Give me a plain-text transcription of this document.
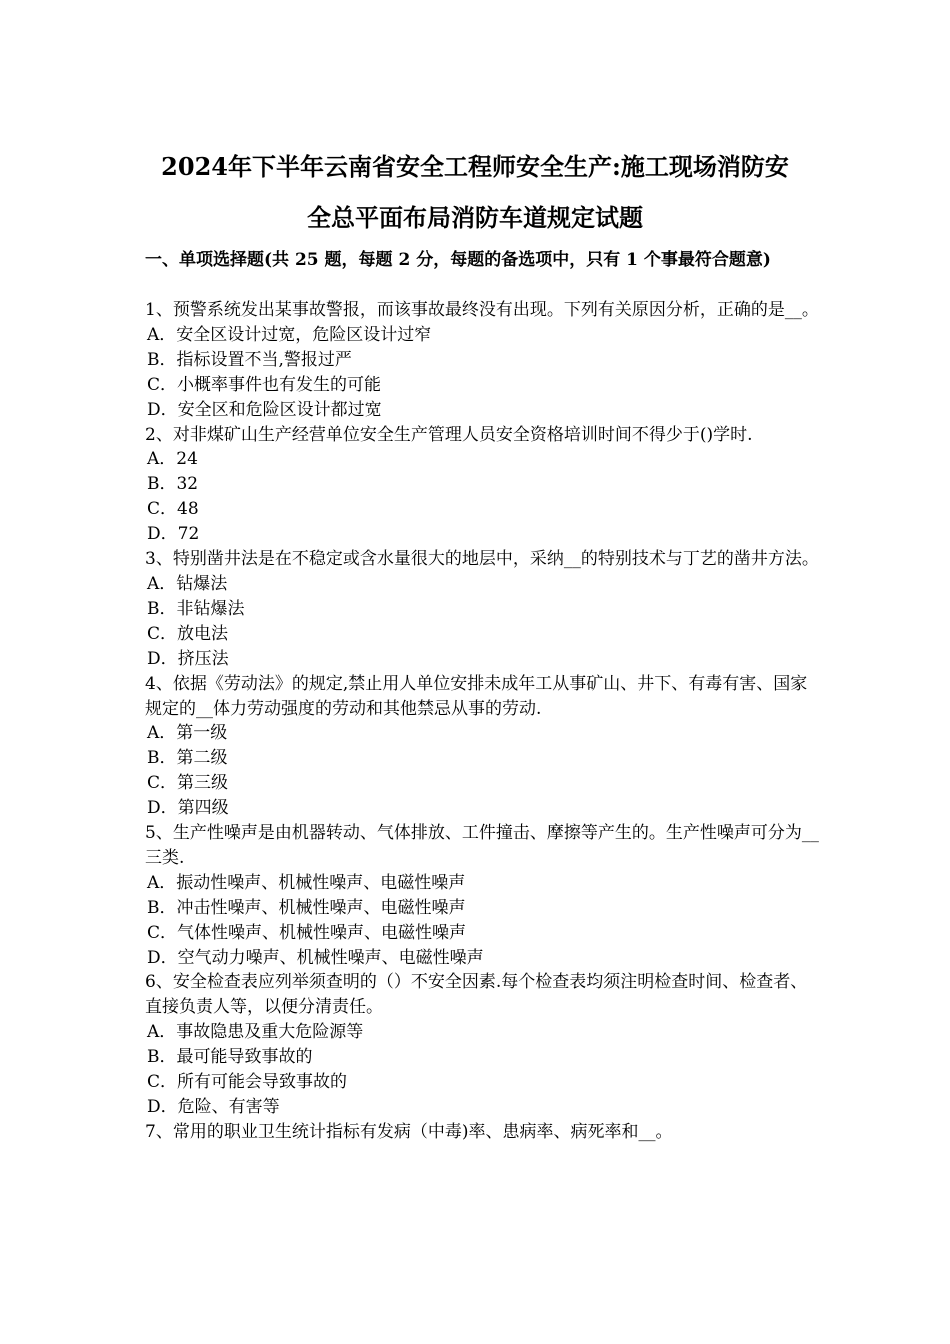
2024年下半年云南省安全工程师安全生产:施工现场消防安
全总平面布局消防车道规定试题
一、单项选择题(共 25 题，每题 2 分，每题的备选项中，只有 1 个事最符合题意)
1、预警系统发出某事故警报，而该事故最终没有出现。下列有关原因分析，正确的是__。
A．安全区设计过宽，危险区设计过窄
B．指标设置不当,警报过严
C．小概率事件也有发生的可能
D．安全区和危险区设计都过宽
2、对非煤矿山生产经营单位安全生产管理人员安全资格培训时间不得少于()学时.
A．24
B．32
C．48
D．72
3、特别凿井法是在不稳定或含水量很大的地层中，采纳__的特别技术与丁艺的凿井方法。
A．钻爆法
B．非钻爆法
C．放电法
D．挤压法
4、依据《劳动法》的规定,禁止用人单位安排未成年工从事矿山、井下、有毒有害、国家规定的__体力劳动强度的劳动和其他禁忌从事的劳动.
A．第一级
B．第二级
C．第三级
D．第四级
5、生产性噪声是由机器转动、气体排放、工件撞击、摩擦等产生的。生产性噪声可分为__三类.
A．振动性噪声、机械性噪声、电磁性噪声
B．冲击性噪声、机械性噪声、电磁性噪声
C．气体性噪声、机械性噪声、电磁性噪声
D．空气动力噪声、机械性噪声、电磁性噪声
6、安全检查表应列举须查明的（）不安全因素.每个检查表均须注明检查时间、检查者、直接负责人等，以便分清责任。
A．事故隐患及重大危险源等
B．最可能导致事故的
C．所有可能会导致事故的
D．危险、有害等
7、常用的职业卫生统计指标有发病（中毒)率、患病率、病死率和__。
